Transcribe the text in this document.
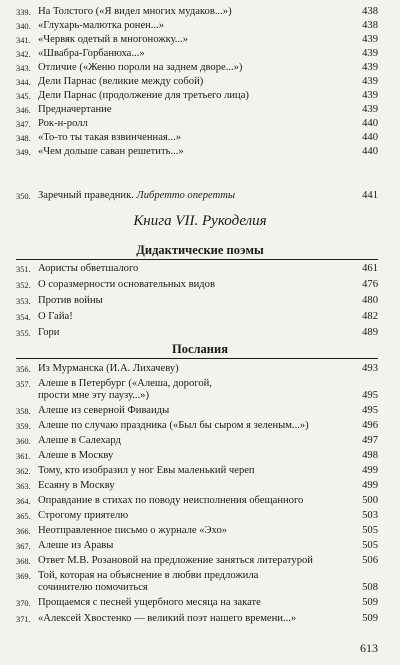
339. На Толстого («Я видел многих мудаков...»)	438
340. «Глухарь-малютка ронен...»	438
341. «Червяк одетый в многоножку...»	439
342. «Швабра-Горбанюха...»	439
343. Отличие («Женю пороли на заднем дворе...»)	439
344. Дели Парнас (великие между собой)	439
345. Дели Парнас (продолжение для третьего лица)	439
346. Предначертание	439
347. Рок-н-ролл	440
348. «То-то ты такая взвинченная...»	440
349. «Чем дольше саван решетить...»	440
350. Заречный праведник. Либретто оперетты	441
Книга VII. Рукоделия
Дидактические поэмы
351. Аористы обветшалого	461
352. О соразмерности основательных видов	476
353. Против войны	480
354. О Гайа!	482
355. Гори	489
Послания
356. Из Мурманска (И.А. Лихачеву)	493
357. Алеше в Петербург («Алеша, дорогой,
прости мне эту паузу...»)	495
358. Алеше из северной Фиваиды	495
359. Алеше по случаю праздника («Был бы сыром я зеленым...»)	496
360. Алеше в Салехард	497
361. Алеше в Москву	498
362. Тому, кто изобразил у ног Евы маленький череп	499
363. Есаяну в Москву	499
364. Оправдание в стихах по поводу неисполнения обещанного	500
365. Строгому приятелю	503
366. Неотправленное письмо о журнале «Эхо»	505
367. Алеше из Аравы	505
368. Ответ М.В. Розановой на предложение заняться литературой	506
369. Той, которая на объяснение в любви предложила
сочинителю помочиться	508
370. Прощаемся с песней ущербного месяца на закате	509
371. «Алексей Хвостенко — великий поэт нашего времени...»	509
613
